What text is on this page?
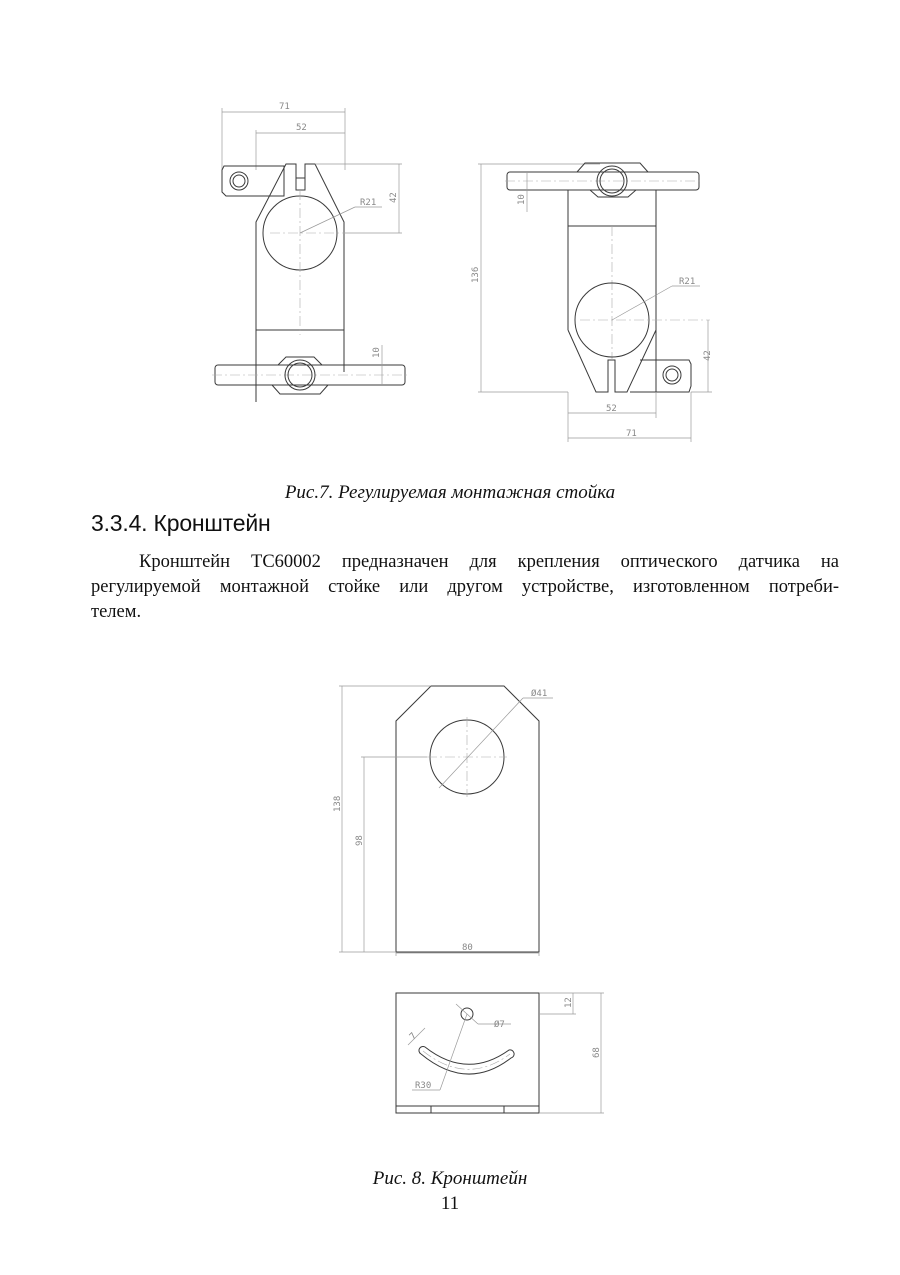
71
52
R21 42
10
136
10
R21
42
52
71
Ø41
138
98
80
Ø7
7
R30
12
68
Рис.7. Регулируемая монтажная стойка
3.3.4. Кронштейн
Кронштейн ТС60002 предназначен для крепления оптического датчика на
регулируемой монтажной стойке или другом устройстве, изготовленном потреби-
телем.
Рис. 8. Кронштейн
11
